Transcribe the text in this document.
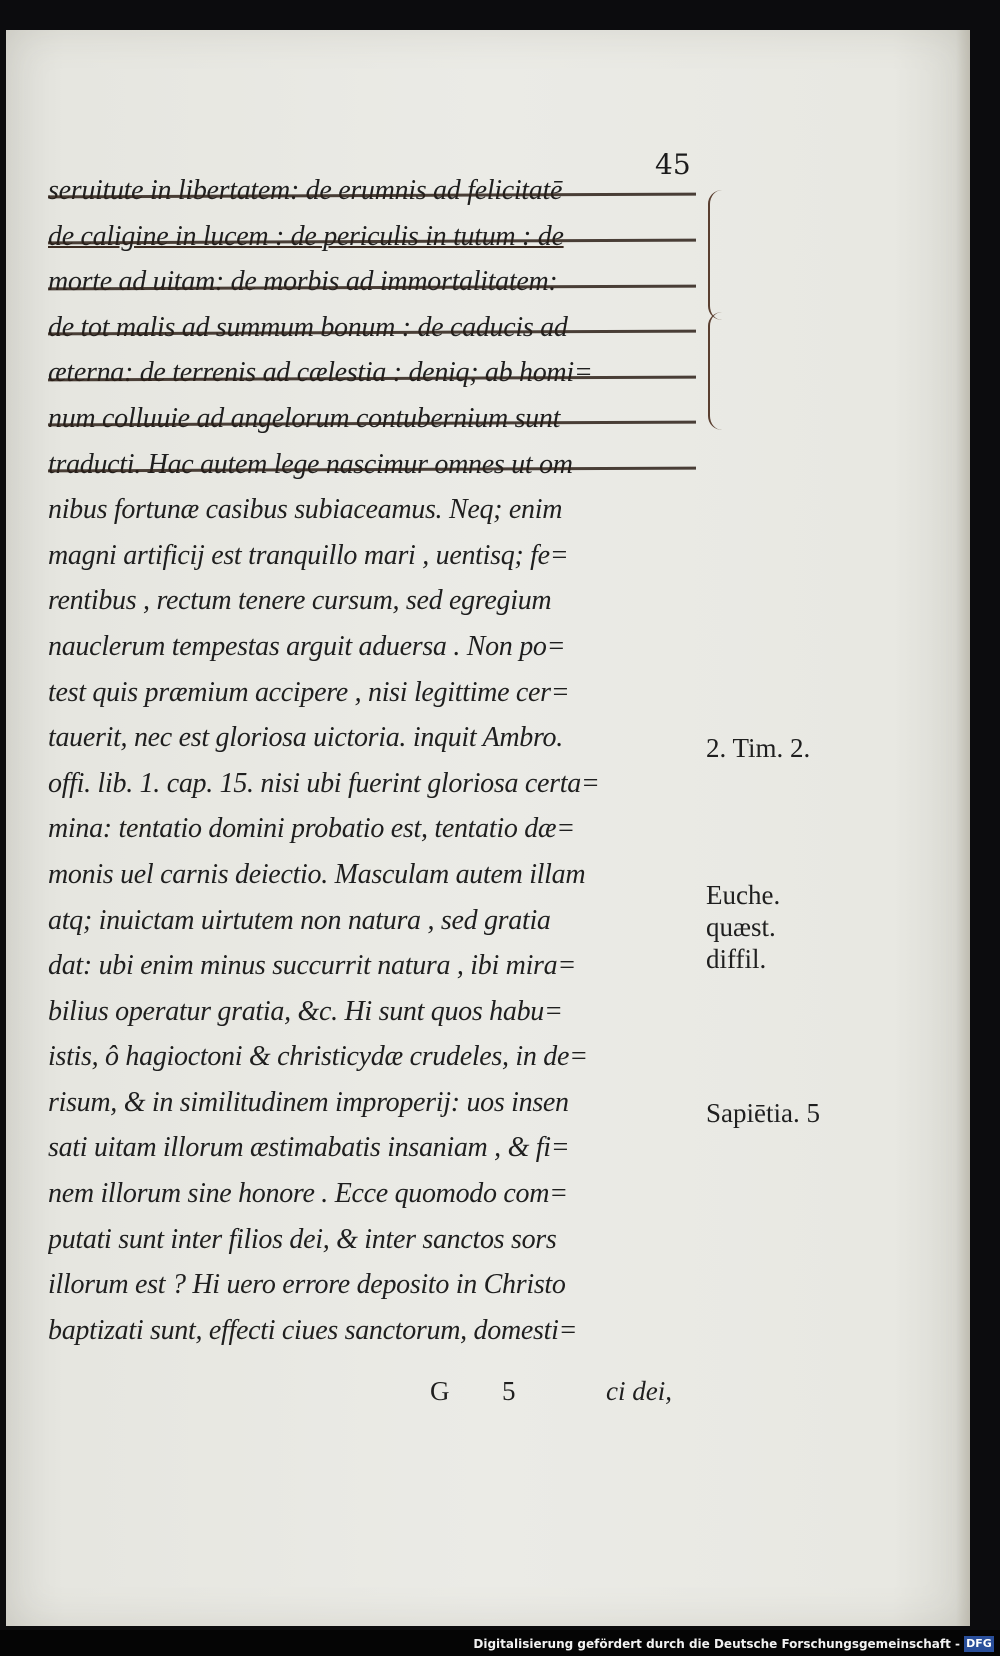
45
seruitute in libertatem: de erumnis ad felicitatē
de caligine in lucem : de periculis in tutum : de
morte ad uitam: de morbis ad immortalitatem:
de tot malis ad summum bonum : de caducis ad
æterna: de terrenis ad cælestia : deniq; ab homi=
num colluuie ad angelorum contubernium sunt
traducti. Hac autem lege nascimur omnes ut om
nibus fortunæ casibus subiaceamus. Neq; enim
magni artificij est tranquillo mari , uentisq; fe=
rentibus , rectum tenere cursum, sed egregium
nauclerum tempestas arguit aduersa . Non po=
test quis præmium accipere , nisi legittime cer=
tauerit, nec est gloriosa uictoria. inquit Ambro.
offi. lib. 1. cap. 15. nisi ubi fuerint gloriosa certa=
mina: tentatio domini probatio est, tentatio dæ=
monis uel carnis deiectio. Masculam autem illam
atq; inuictam uirtutem non natura , sed gratia
dat: ubi enim minus succurrit natura , ibi mira=
bilius operatur gratia, &c. Hi sunt quos habu=
istis, ô hagioctoni & christicydæ crudeles, in de=
risum, & in similitudinem improperij: uos insen
sati uitam illorum æstimabatis insaniam , & fi=
nem illorum sine honore . Ecce quomodo com=
putati sunt inter filios dei, & inter sanctos sors
illorum est ? Hi uero errore deposito in Christo
baptizati sunt, effecti ciues sanctorum, domesti=
2. Tim. 2.
Euche.
quæst.
diffil.
Sapiētia. 5
G 5	ci dei,
Digitalisierung gefördert durch die Deutsche Forschungsgemeinschaft - DFG
